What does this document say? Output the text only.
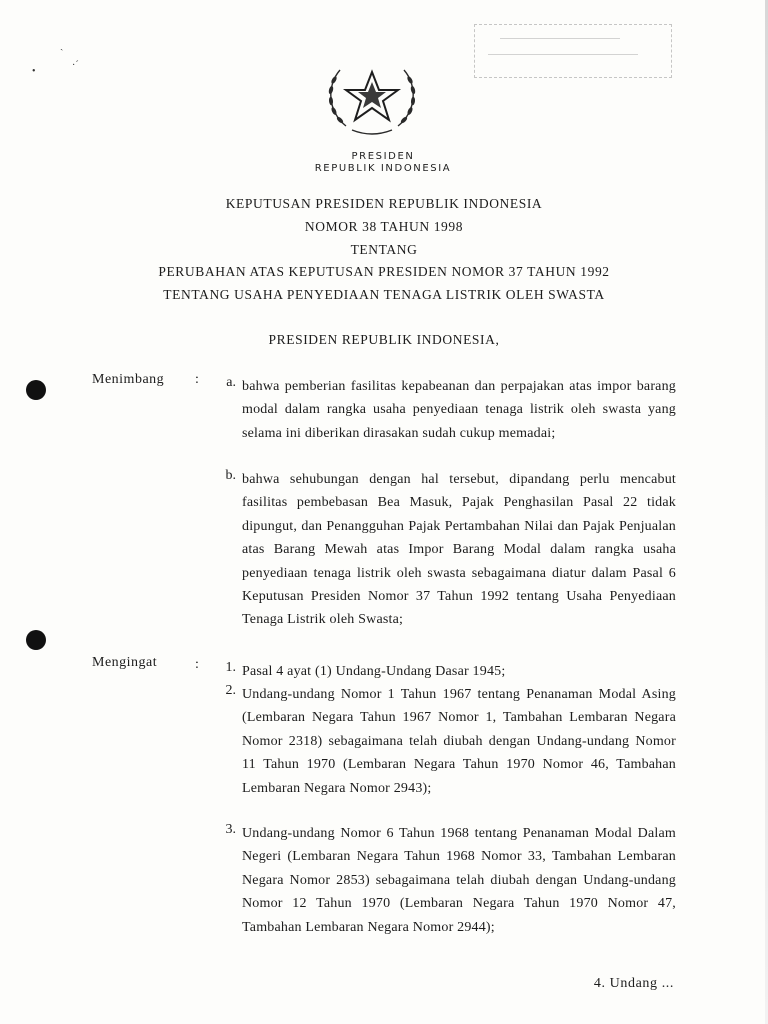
ˎ
•
·ˊ
PRESIDEN
REPUBLIK INDONESIA
KEPUTUSAN PRESIDEN REPUBLIK INDONESIA
NOMOR 38 TAHUN 1998
TENTANG
PERUBAHAN ATAS KEPUTUSAN PRESIDEN NOMOR 37 TAHUN 1992
TENTANG USAHA PENYEDIAAN TENAGA LISTRIK OLEH SWASTA
PRESIDEN REPUBLIK INDONESIA,
Menimbang :	a. bahwa pemberian fasilitas kepabeanan dan perpajakan atas impor barang modal dalam rangka usaha penyediaan tenaga listrik oleh swasta yang selama ini diberikan dirasakan sudah cukup memadai;

b. bahwa sehubungan dengan hal tersebut, dipandang perlu mencabut fasilitas pembebasan Bea Masuk, Pajak Penghasilan Pasal 22 tidak dipungut, dan Penangguhan Pajak Pertambahan Nilai dan Pajak Penjualan atas Barang Mewah atas Impor Barang Modal dalam rangka usaha penyediaan tenaga listrik oleh swasta sebagaimana diatur dalam Pasal 6 Keputusan Presiden Nomor 37 Tahun 1992 tentang Usaha Penyediaan Tenaga Listrik oleh Swasta;

Mengingat	:	1. Pasal 4 ayat (1) Undang-Undang Dasar 1945;

2. Undang-undang Nomor 1 Tahun 1967 tentang Penanaman Modal Asing (Lembaran Negara Tahun 1967 Nomor 1, Tambahan Lembaran Negara Nomor 2318) sebagaimana telah diubah dengan Undang-undang Nomor 11 Tahun 1970 (Lembaran Negara Tahun 1970 Nomor 46, Tambahan Lembaran Negara Nomor 2943);

3. Undang-undang Nomor 6 Tahun 1968 tentang Penanaman Modal Dalam Negeri (Lembaran Negara Tahun 1968 Nomor 33, Tambahan Lembaran Negara Nomor 2853) sebagaimana telah diubah dengan Undang-undang Nomor 12 Tahun 1970 (Lembaran Negara Tahun 1970 Nomor 47, Tambahan Lembaran Negara Nomor 2944);

4. Undang ...
